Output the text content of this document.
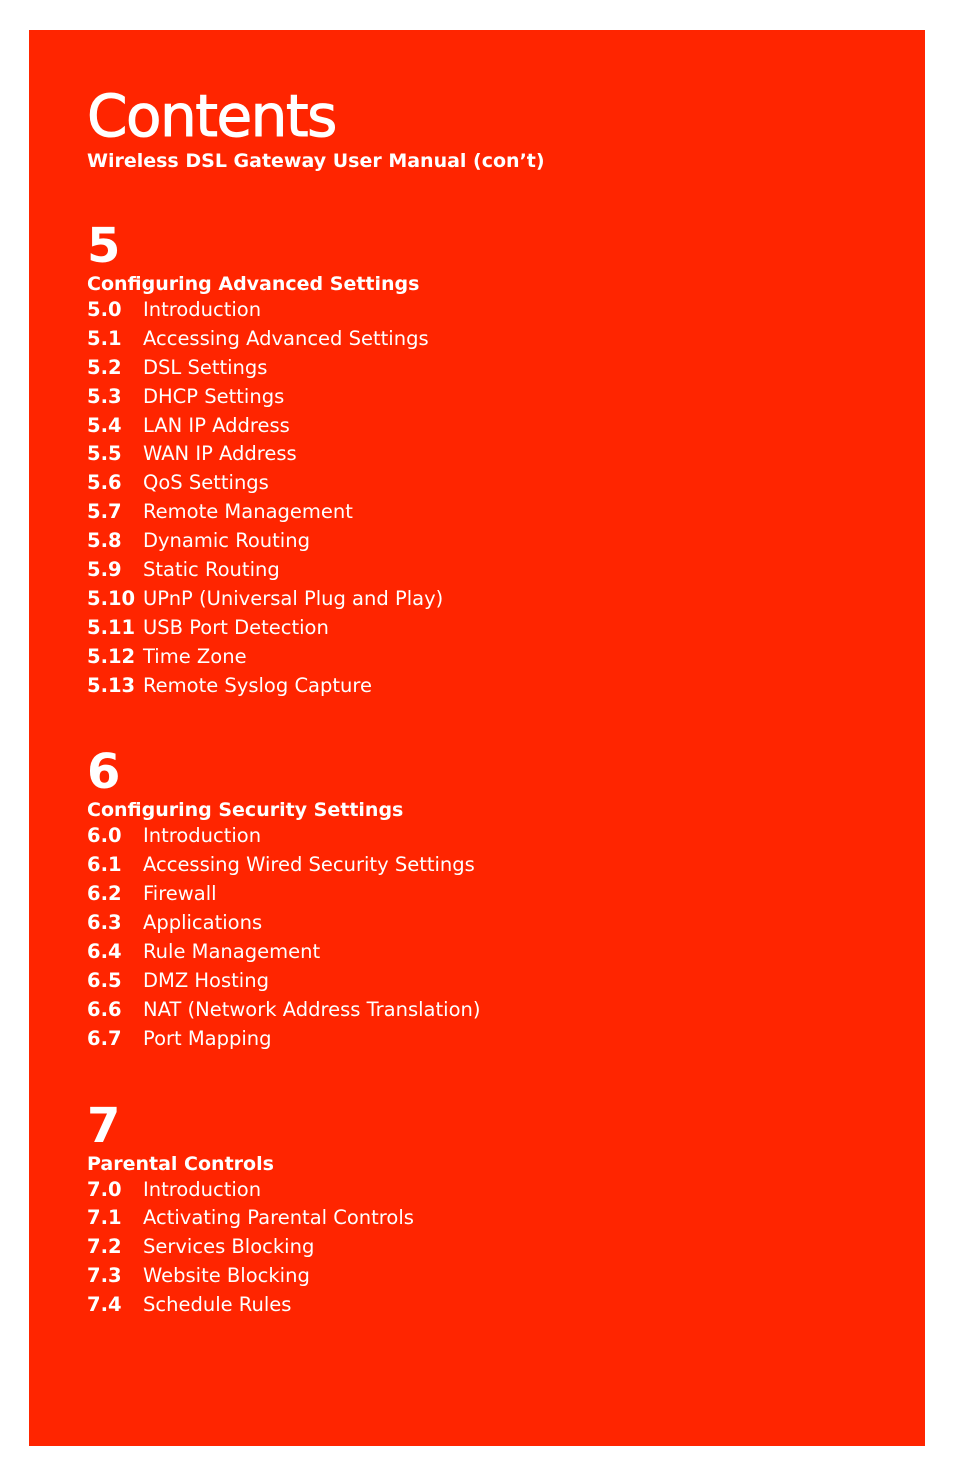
Contents
Wireless DSL Gateway User Manual (con’t)
5
Configuring Advanced Settings
5.0	Introduction
5.1	Accessing Advanced Settings
5.2	DSL Settings
5.3	DHCP Settings
5.4	LAN IP Address
5.5	WAN IP Address
5.6	QoS Settings
5.7	Remote Management
5.8	Dynamic Routing
5.9	Static Routing
5.10 UPnP (Universal Plug and Play)
5.11 USB Port Detection
5.12 Time Zone
5.13 Remote Syslog Capture
6
Configuring Security Settings
6.0	Introduction
6.1	Accessing Wired Security Settings
6.2	Firewall
6.3	Applications
6.4	Rule Management
6.5	DMZ Hosting
6.6	NAT (Network Address Translation)
6.7	Port Mapping
7
Parental Controls
7.0	Introduction
7.1	Activating Parental Controls
7.2	Services Blocking
7.3	Website Blocking
7.4	Schedule Rules
